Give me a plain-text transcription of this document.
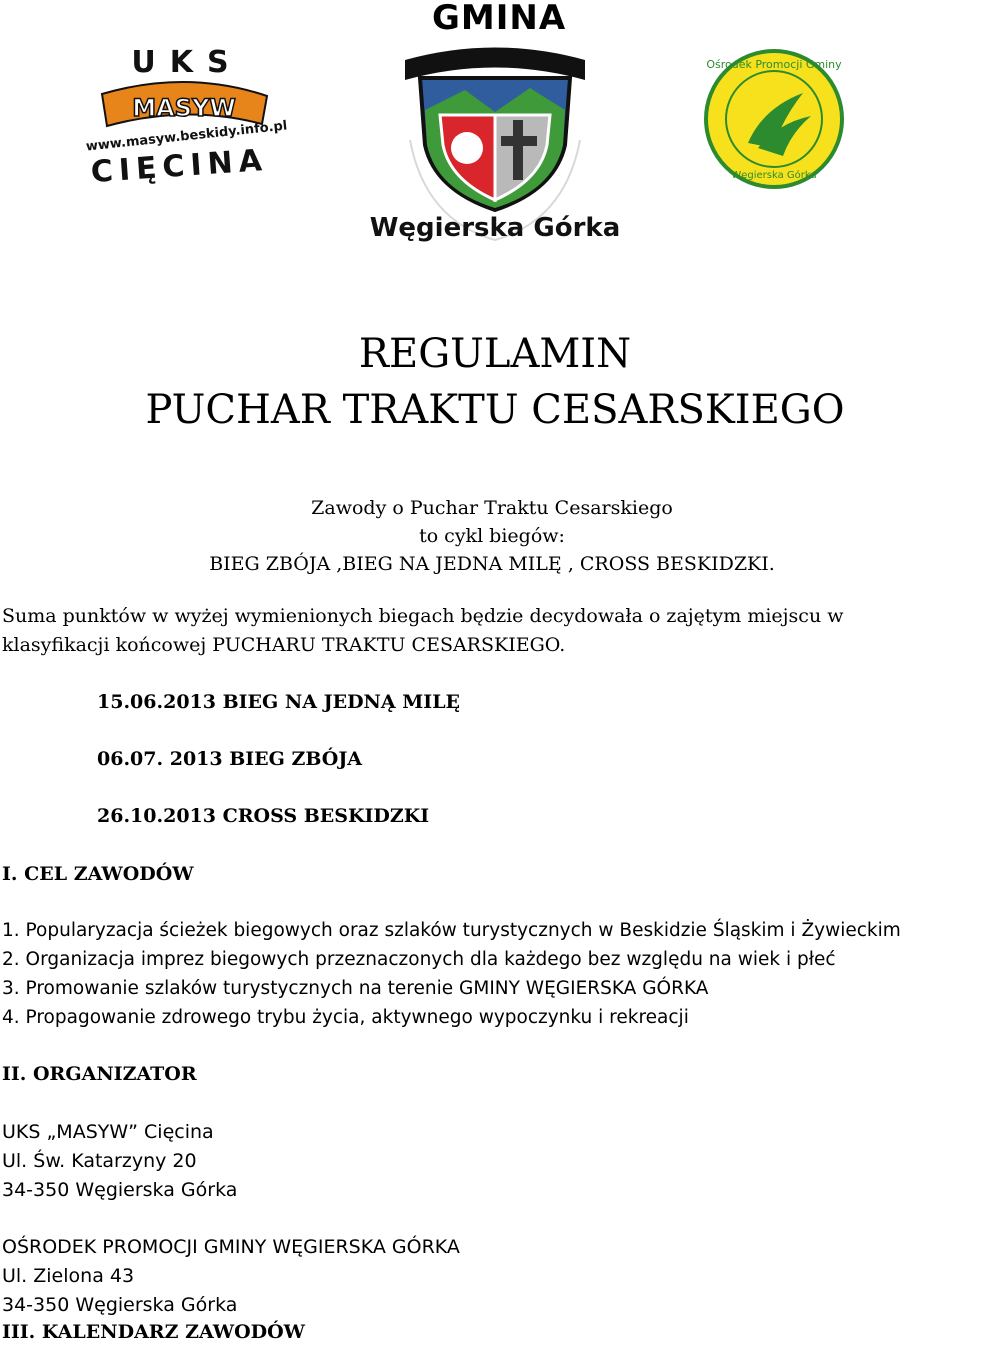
UKS
MASYW
www.masyw.beskidy.info.pl
CIĘCINA
GMINA
Węgierska Górka
Ośrodek Promocji Gminy
Węgierska Górka
REGULAMIN
PUCHAR TRAKTU CESARSKIEGO
Zawody o Puchar Traktu Cesarskiego
to cykl biegów:
BIEG ZBÓJA ,BIEG NA JEDNA MILĘ , CROSS BESKIDZKI.
Suma punktów w wyżej wymienionych biegach będzie decydowała o zajętym miejscu w
klasyfikacji końcowej PUCHARU TRAKTU CESARSKIEGO.
15.06.2013 BIEG NA JEDNĄ MILĘ
06.07. 2013 BIEG ZBÓJA
26.10.2013 CROSS BESKIDZKI
I. CEL ZAWODÓW
1. Popularyzacja ścieżek biegowych oraz szlaków turystycznych w Beskidzie Śląskim i Żywieckim
2. Organizacja imprez biegowych przeznaczonych dla każdego bez względu na wiek i płeć
3. Promowanie szlaków turystycznych na terenie GMINY WĘGIERSKA GÓRKA
4. Propagowanie zdrowego trybu życia, aktywnego wypoczynku i rekreacji
II. ORGANIZATOR
UKS „MASYW” Cięcina
Ul. Św. Katarzyny 20
34-350 Węgierska Górka
OŚRODEK PROMOCJI GMINY WĘGIERSKA GÓRKA
Ul. Zielona 43
34-350 Węgierska Górka
III. KALENDARZ ZAWODÓW
